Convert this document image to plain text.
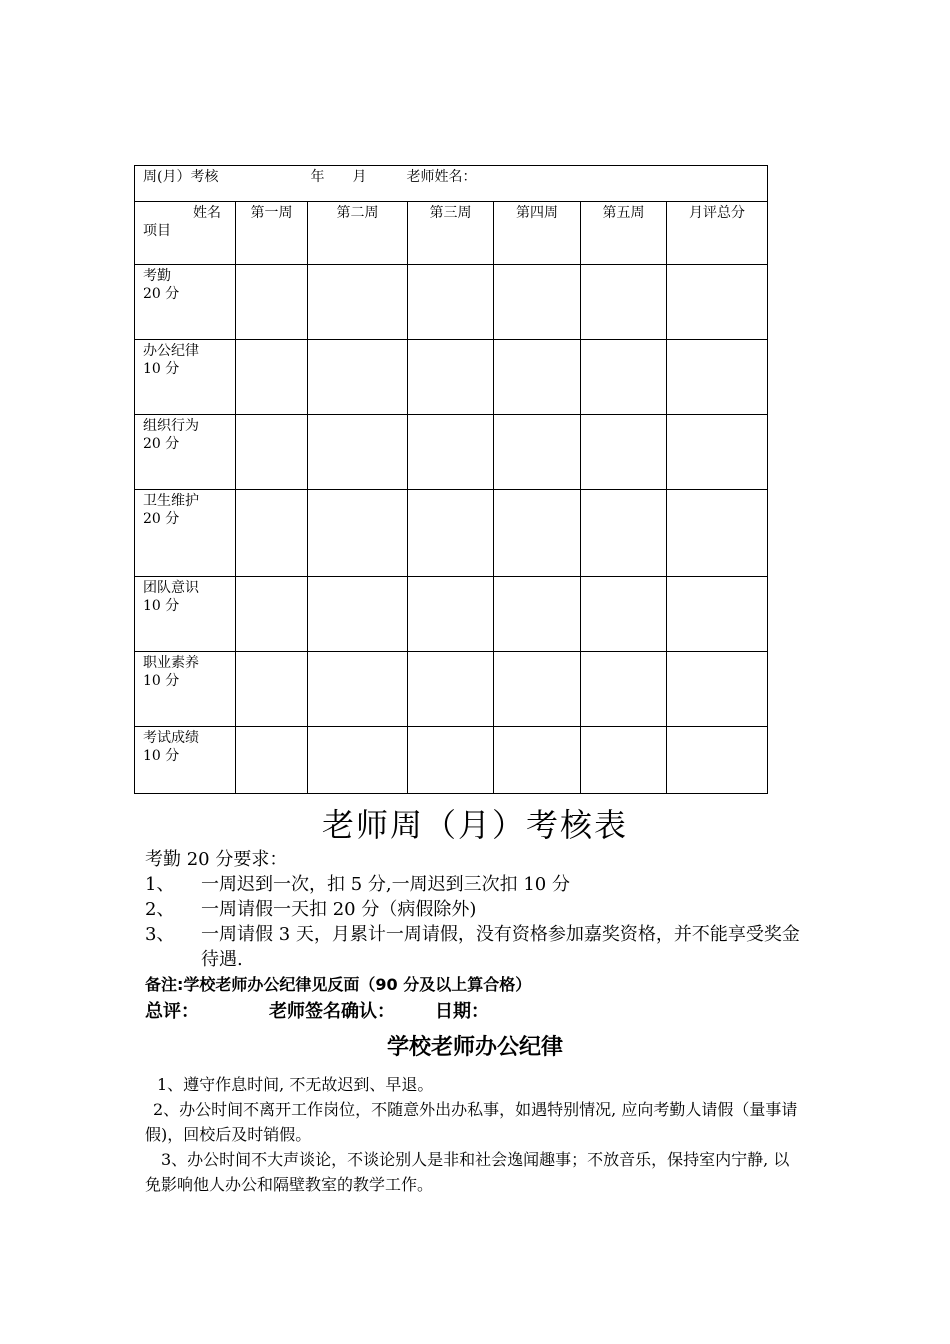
周(月）考核 年 月 老师姓名：						

姓名
项目	第一周	第二周	第三周	第四周	第五周	月评总分
考勤
20 分						
办公纪律
10 分						
组织行为
20 分						
卫生维护
20 分						
团队意识
10 分						
职业素养
10 分						
考试成绩
10 分						
老师周（月）考核表
考勤 20 分要求：
1、	一周迟到一次，扣 5 分,一周迟到三次扣 10 分
2、	一周请假一天扣 20 分（病假除外)
3、	一周请假 3 天，月累计一周请假，没有资格参加嘉奖资格，并不能享受奖金待遇.
备注:学校老师办公纪律见反面（90 分及以上算合格）
总评：	老师签名确认： 日期：
学校老师办公纪律

1、遵守作息时间, 不无故迟到、早退。

2、办公时间不离开工作岗位，不随意外出办私事，如遇特别情况, 应向考勤人请假（量事请假)，回校后及时销假。

3、办公时间不大声谈论，不谈论别人是非和社会逸闻趣事；不放音乐，保持室内宁静, 以免影响他人办公和隔壁教室的教学工作。
